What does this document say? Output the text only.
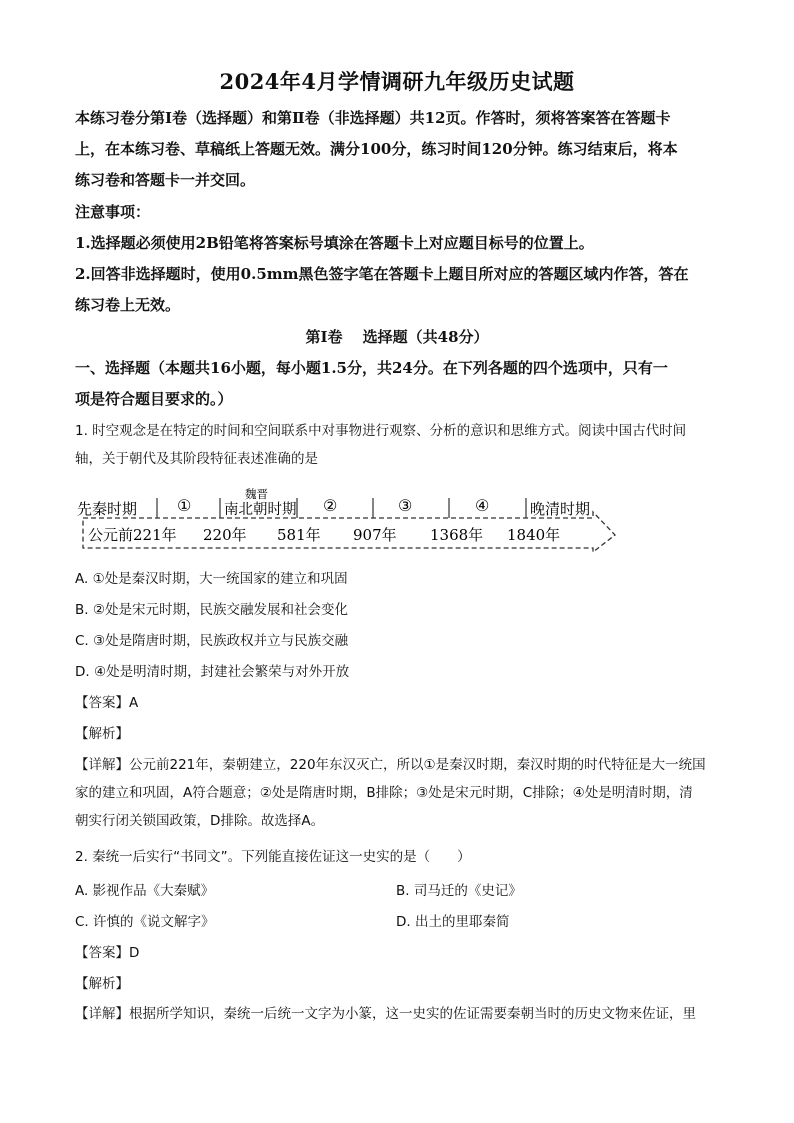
2024年4月学情调研九年级历史试题
本练习卷分第Ⅰ卷（选择题）和第Ⅱ卷（非选择题）共12页。作答时，须将答案答在答题卡
上，在本练习卷、草稿纸上答题无效。满分100分，练习时间120分钟。练习结束后，将本
练习卷和答题卡一并交回。
注意事项：
1.选择题必须使用2B铅笔将答案标号填涂在答题卡上对应题目标号的位置上。
2.回答非选择题时，使用0.5mm黑色签字笔在答题卡上题目所对应的答题区域内作答，答在
练习卷上无效。
第Ⅰ卷　 选择题（共48分）
一、选择题（本题共16小题，每小题1.5分，共24分。在下列各题的四个选项中，只有一
项是符合题目要求的。）
1. 时空观念是在特定的时间和空间联系中对事物进行观察、分析的意识和思维方式。阅读中国古代时间
轴，关于朝代及其阶段特征表述准确的是
先秦时期 ①
魏晋
南北朝时期 ②	③	④	晚清时期
公元前221年 220年 581年 907年 1368年 1840年
A. ①处是秦汉时期，大一统国家的建立和巩固
B. ②处是宋元时期，民族交融发展和社会变化
C. ③处是隋唐时期，民族政权并立与民族交融
D. ④处是明清时期，封建社会繁荣与对外开放
【答案】A
【解析】
【详解】公元前221年，秦朝建立，220年东汉灭亡，所以①是秦汉时期，秦汉时期的时代特征是大一统国
家的建立和巩固，A符合题意；②处是隋唐时期，B排除；③处是宋元时期，C排除；④处是明清时期，清
朝实行闭关锁国政策，D排除。故选择A。
2. 秦统一后实行“书同文”。下列能直接佐证这一史实的是（　　）
A. 影视作品《大秦赋》	B. 司马迁的《史记》
C. 许慎的《说文解字》	D. 出土的里耶秦简
【答案】D
【解析】
【详解】根据所学知识，秦统一后统一文字为小篆，这一史实的佐证需要秦朝当时的历史文物来佐证，里
